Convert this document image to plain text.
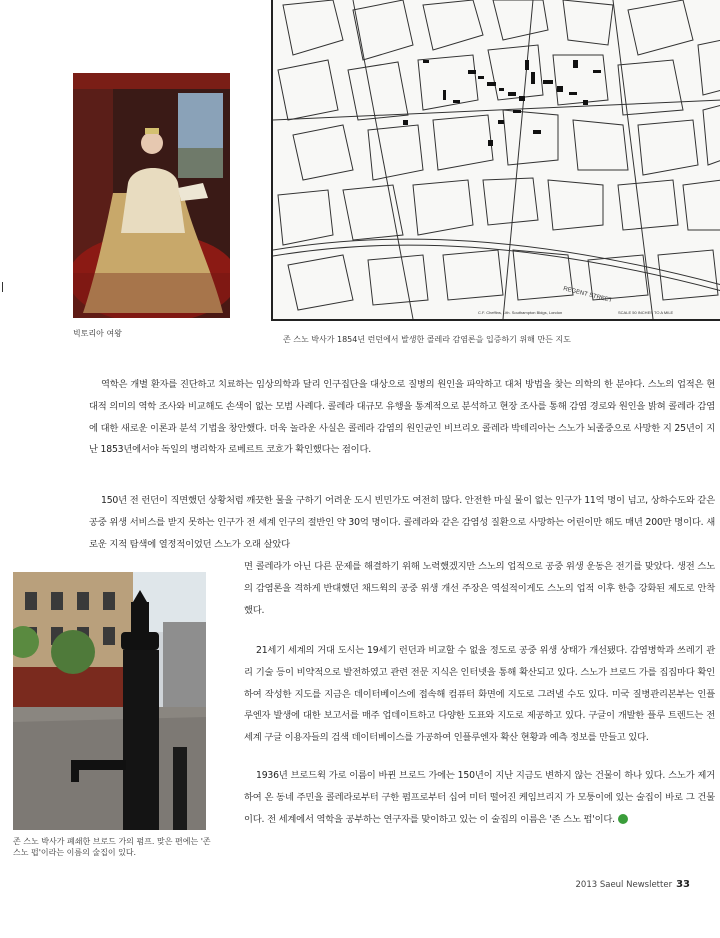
REGENT STREET
C.F. Cheffins, Lith. Southampton Bldgs, London	SCALE 50 INCHES TO A MILE
빅토리아 여왕
존 스노 박사가 1854년 런던에서 발생한 콜레라 감염론을 입증하기 위해 만든 지도

역학은 개별 환자를 진단하고 치료하는 임상의학과 달리 인구집단을 대상으로 질병의 원인을 파악하고 대처 방법을 찾는 의학의 한 분야다. 스노의 업적은 현대적 의미의 역학 조사와 비교해도 손색이 없는 모범 사례다. 콜레라 대규모 유행을 통계적으로 분석하고 현장 조사를 통해 감염 경로와 원인을 밝혀 콜레라 감염에 대한 새로운 이론과 분석 기법을 창안했다. 더욱 놀라운 사실은 콜레라 감염의 원인균인 비브리오 콜레라 박테리아는 스노가 뇌졸중으로 사망한 지 25년이 지난 1853년에서야 독일의 병리학자 로베르트 코흐가 확인했다는 점이다.

150년 전 런던이 직면했던 상황처럼 깨끗한 물을 구하기 어려운 도시 빈민가도 여전히 많다. 안전한 마실 물이 없는 인구가 11억 명이 넘고, 상하수도와 같은 공중 위생 서비스를 받지 못하는 인구가 전 세계 인구의 절반인 약 30억 명이다. 콜레라와 같은 감염성 질환으로 사망하는 어린이만 해도 매년 200만 명이다. 새로운 지적 탐색에 열정적이었던 스노가 오래 살았다

면 콜레라가 아닌 다른 문제를 해결하기 위해 노력했겠지만 스노의 업적으로 공중 위생 운동은 전기를 맞았다. 생전 스노의 감염론을 격하게 반대했던 채드윅의 공중 위생 개선 주장은 역설적이게도 스노의 업적 이후 한층 강화된 제도로 안착했다.

존 스노 박사가 폐쇄한 브로드 가의 펌프. 맞은 편에는 '존 스노 펍'이라는 이름의 술집이 있다.

21세기 세계의 거대 도시는 19세기 런던과 비교할 수 없을 정도로 공중 위생 상태가 개선됐다. 감염병학과 쓰레기 관리 기술 등이 비약적으로 발전하였고 관련 전문 지식은 인터넷을 통해 확산되고 있다. 스노가 브로드 가를 집집마다 확인하여 작성한 지도를 지금은 데이터베이스에 접속해 컴퓨터 화면에 지도로 그려낼 수도 있다. 미국 질병관리본부는 인플루엔자 발생에 대한 보고서를 매주 업데이트하고 다양한 도표와 지도로 제공하고 있다. 구글이 개발한 플루 트렌드는 전세계 구글 이용자들의 검색 데이터베이스를 가공하여 인플루엔자 확산 현황과 예측 정보를 만들고 있다.

1936년 브로드윅 가로 이름이 바뀐 브로드 가에는 150년이 지난 지금도 변하지 않는 건물이 하나 있다. 스노가 제거하여 온 동네 주민을 콜레라로부터 구한 펌프로부터 십여 미터 떨어진 케임브리지 가 모퉁이에 있는 술집이 바로 그 건물이다. 전 세계에서 역학을 공부하는 연구자를 맞이하고 있는 이 술집의 이름은 '존 스노 펍'이다. ✎

2013 Saeul Newsletter 33
